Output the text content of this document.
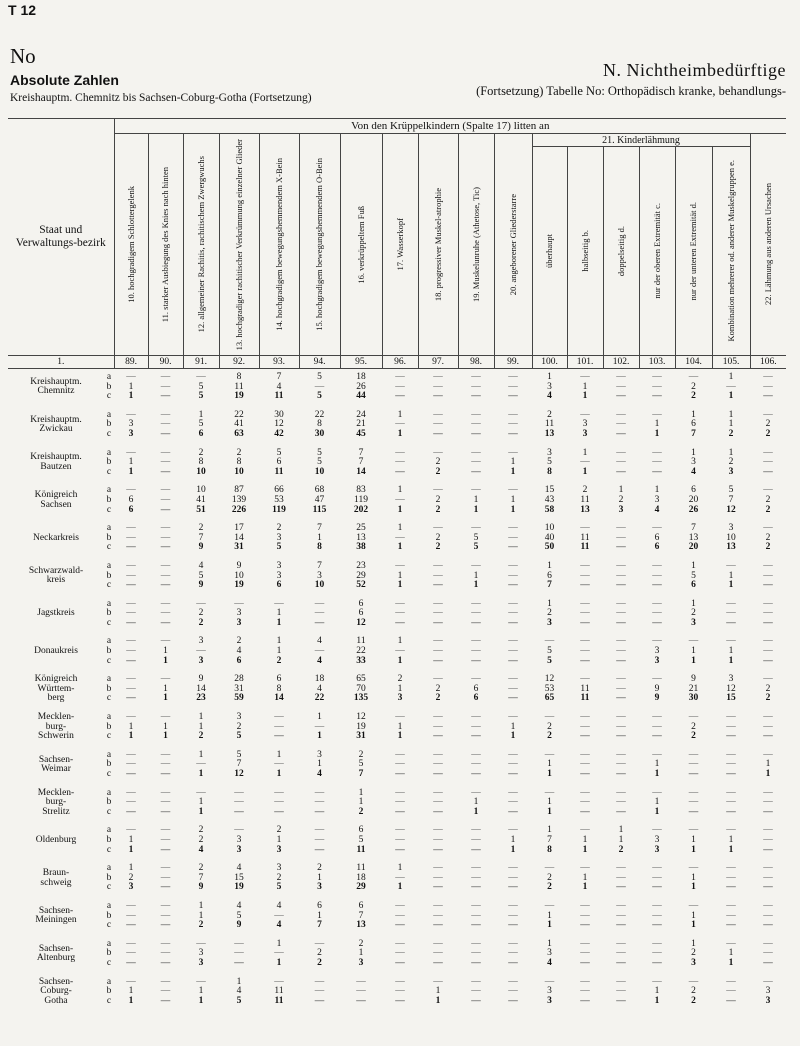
T 12
No
Absolute Zahlen
Kreishauptm. Chemnitz bis Sachsen-Coburg-Gotha (Fortsetzung)
N. Nichtheimbedürftige
(Fortsetzung) Tabelle No: Orthopädisch kranke, behandlungs-
Staat und Verwaltungs-bezirk		Von den Krüppelkindern (Spalte 17) litten an																	

		10. hochgradigem Schlottergelenk	11. starker Ausbiegung des Knies nach hinten	12. allgemeiner Rachitis, rachitischem Zwergwuchs	13. hochgradiger rachitischer Verkrümmung einzelner Glieder	14. hochgradigem bewegungshemmendem X-Bein	15. hochgradigem bewegungshemmendem O-Bein	16. verkrüppeltem Fuß	17. Wasserkopf	18. progressiver Muskel-atrophie	19. Muskelunruhe (Athetose, Tic)	20. angeborener Gliederstarre	21. Kinderlähmung						22. Lähmung aus anderen Ursachen

													überhaupt	halbseitig b.	doppelseitig d.	nur der oberen Extremität c.	nur der unteren Extremität d.	Kombination mehrerer od. anderer Muskelgruppen e.	

1.		89.	90.	91.	92.	93.	94.	95.	96.	97.	98.	99.	100.	101.	102.	103.	104.	105.	106.

Kreishauptm.
Chemnitz	a	—	—	—	8	7	5	18	—	—	—	—	1	—	—	—	—	1	—
	b	1	—	5	11	4	—	26	—	—	—	—	3	1	—	—	2	—	—
	c	1	—	5	19	11	5	44	—	—	—	—	4	1	—	—	2	1	—

Kreishauptm.
Zwickau	a	—	—	1	22	30	22	24	1	—	—	—	2	—	—	—	1	1	—
	b	3	—	5	41	12	8	21	—	—	—	—	11	3	—	1	6	1	2
	c	3	—	6	63	42	30	45	1	—	—	—	13	3	—	1	7	2	2

Kreishauptm.
Bautzen	a	—	—	2	2	5	5	7	—	—	—	—	3	1	—	—	1	1	—
	b	1	—	8	8	6	5	7	—	2	—	1	5	—	—	—	3	2	—
	c	1	—	10	10	11	10	14	—	2	—	1	8	1	—	—	4	3	—

Königreich
Sachsen	a	—	—	10	87	66	68	83	1	—	—	—	15	2	1	1	6	5	—
	b	6	—	41	139	53	47	119	—	2	1	1	43	11	2	3	20	7	2
	c	6	—	51	226	119	115	202	1	2	1	1	58	13	3	4	26	12	2

Neckarkreis	a	—	—	2	17	2	7	25	1	—	—	—	10	—	—	—	7	3	—
	b	—	—	7	14	3	1	13	—	2	5	—	40	11	—	6	13	10	2
	c	—	—	9	31	5	8	38	1	2	5	—	50	11	—	6	20	13	2

Schwarzwald-
kreis	a	—	—	4	9	3	7	23	—	—	—	—	1	—	—	—	1	—	—
	b	—	—	5	10	3	3	29	1	—	1	—	6	—	—	—	5	1	—
	c	—	—	9	19	6	10	52	1	—	1	—	7	—	—	—	6	1	—

Jagstkreis	a	—	—	—	—	—	—	6	—	—	—	—	1	—	—	—	1	—	—
	b	—	—	2	3	1	—	6	—	—	—	—	2	—	—	—	2	—	—
	c	—	—	2	3	1	—	12	—	—	—	—	3	—	—	—	3	—	—

Donaukreis	a	—	—	3	2	1	4	11	1	—	—	—	—	—	—	—	—	—	—
	b	—	1	—	4	1	—	22	—	—	—	—	5	—	—	3	1	1	—
	c	—	1	3	6	2	4	33	1	—	—	—	5	—	—	3	1	1	—

Königreich
Württem-
berg	a	—	—	9	28	6	18	65	2	—	—	—	12	—	—	—	9	3	—
	b	—	1	14	31	8	4	70	1	2	6	—	53	11	—	9	21	12	2
	c	—	1	23	59	14	22	135	3	2	6	—	65	11	—	9	30	15	2

Mecklen-
burg-
Schwerin	a	—	—	1	3	—	1	12	—	—	—	—	—	—	—	—	—	—	—
	b	1	1	1	2	—	—	19	1	—	—	1	2	—	—	—	2	—	—
	c	1	1	2	5	—	1	31	1	—	—	1	2	—	—	—	2	—	—

Sachsen-
Weimar	a	—	—	1	5	1	3	2	—	—	—	—	—	—	—	—	—	—	—
	b	—	—	—	7	—	1	5	—	—	—	—	1	—	—	1	—	—	1
	c	—	—	1	12	1	4	7	—	—	—	—	1	—	—	1	—	—	1

Mecklen-
burg-
Strelitz	a	—	—	—	—	—	—	1	—	—	—	—	—	—	—	—	—	—	—
	b	—	—	1	—	—	—	1	—	—	1	—	1	—	—	1	—	—	—
	c	—	—	1	—	—	—	2	—	—	1	—	1	—	—	1	—	—	—

Oldenburg	a	—	—	2	—	2	—	6	—	—	—	—	1	—	1	—	—	—	—
	b	1	—	2	3	1	—	5	—	—	—	1	7	1	1	3	1	1	—
	c	1	—	4	3	3	—	11	—	—	—	1	8	1	2	3	1	1	—

Braun-
schweig	a	1	—	2	4	3	2	11	1	—	—	—	—	—	—	—	—	—	—
	b	2	—	7	15	2	1	18	—	—	—	—	2	1	—	—	1	—	—
	c	3	—	9	19	5	3	29	1	—	—	—	2	1	—	—	1	—	—

Sachsen-
Meiningen	a	—	—	1	4	4	6	6	—	—	—	—	—	—	—	—	—	—	—
	b	—	—	1	5	—	1	7	—	—	—	—	1	—	—	—	1	—	—
	c	—	—	2	9	4	7	13	—	—	—	—	1	—	—	—	1	—	—

Sachsen-
Altenburg	a	—	—	—	—	1	—	2	—	—	—	—	1	—	—	—	1	—	—
	b	—	—	3	—	—	2	1	—	—	—	—	3	—	—	—	2	1	—
	c	—	—	3	—	1	2	3	—	—	—	—	4	—	—	—	3	1	—

Sachsen-
Coburg-
Gotha	a	—	—	—	1	—	—	—	—	—	—	—	—	—	—	—	—	—	—
	b	1	—	1	4	11	—	—	—	1	—	—	3	—	—	1	2	—	3
	c	1	—	1	5	11	—	—	—	1	—	—	3	—	—	1	2	—	3
